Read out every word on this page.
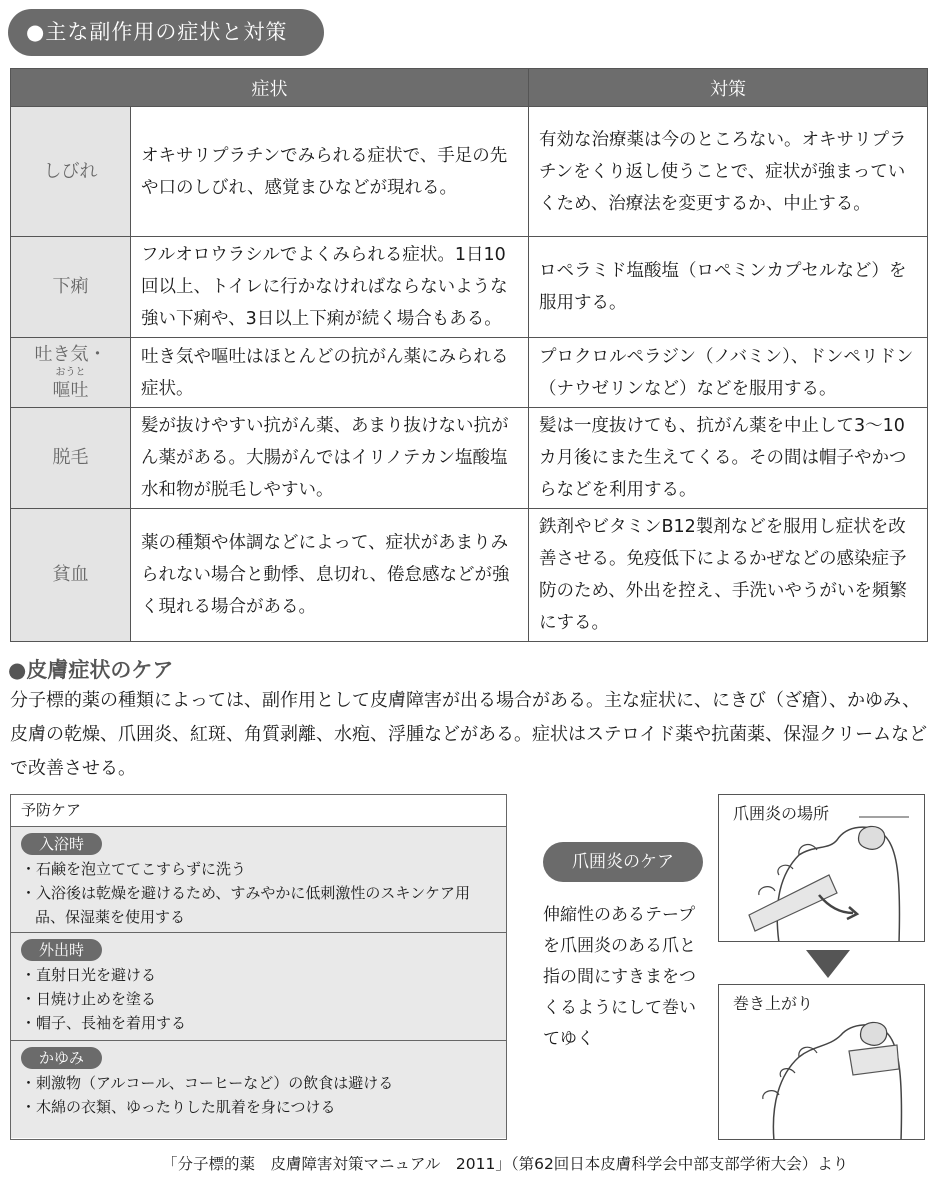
●主な副作用の症状と対策
症状		対策
しびれ	オキサリプラチンでみられる症状で、手足の先や口のしびれ、感覚まひなどが現れる。	有効な治療薬は今のところない。オキサリプラチンをくり返し使うことで、症状が強まっていくため、治療法を変更するか、中止する。
下痢	フルオロウラシルでよくみられる症状。1日10回以上、トイレに行かなければならないような強い下痢や、3日以上下痢が続く場合もある。	ロペラミド塩酸塩（ロペミンカプセルなど）を服用する。

吐き気・
おうと
嘔吐	吐き気や嘔吐はほとんどの抗がん薬にみられる症状。	プロクロルペラジン（ノバミン）、ドンペリドン（ナウゼリンなど）などを服用する。
脱毛	髪が抜けやすい抗がん薬、あまり抜けない抗がん薬がある。大腸がんではイリノテカン塩酸塩水和物が脱毛しやすい。	髪は一度抜けても、抗がん薬を中止して3～10カ月後にまた生えてくる。その間は帽子やかつらなどを利用する。
貧血	薬の種類や体調などによって、症状があまりみられない場合と動悸、息切れ、倦怠感などが強く現れる場合がある。	鉄剤やビタミンB12製剤などを服用し症状を改善させる。免疫低下によるかぜなどの感染症予防のため、外出を控え、手洗いやうがいを頻繁にする。
●皮膚症状のケア
分子標的薬の種類によっては、副作用として皮膚障害が出る場合がある。主な症状に、にきび（ざ瘡）、かゆみ、皮膚の乾燥、爪囲炎、紅斑、角質剥離、水疱、浮腫などがある。症状はステロイド薬や抗菌薬、保湿クリームなどで改善させる。
予防ケア
入浴時
・石鹸を泡立ててこすらずに洗う
・入浴後は乾燥を避けるため、すみやかに低刺激性のスキンケア用品、保湿薬を使用する
外出時
・直射日光を避ける
・日焼け止めを塗る
・帽子、長袖を着用する
かゆみ
・刺激物（アルコール、コーヒーなど）の飲食は避ける
・木綿の衣類、ゆったりした肌着を身につける
爪囲炎のケア
伸縮性のあるテープを爪囲炎のある爪と指の間にすきまをつくるようにして巻いてゆく
爪囲炎の場所
巻き上がり
「分子標的薬　皮膚障害対策マニュアル　2011」（第62回日本皮膚科学会中部支部学術大会）より
